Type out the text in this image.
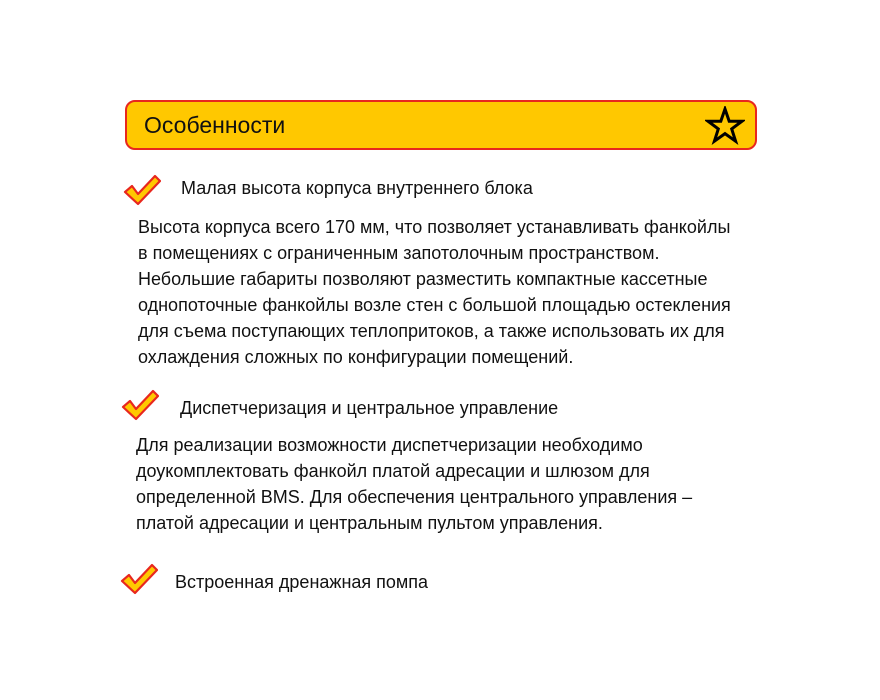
Особенности
Малая высота корпуса внутреннего блока
Высота корпуса всего 170 мм, что позволяет устанавливать фанкойлы
в помещениях с ограниченным запотолочным пространством.
Небольшие габариты позволяют разместить компактные кассетные
однопоточные фанкойлы возле стен с большой площадью остекления
для съема поступающих теплопритоков, а также использовать их для
охлаждения сложных по конфигурации помещений.
Диспетчеризация и центральное управление
Для реализации возможности диспетчеризации необходимо
доукомплектовать фанкойл платой адресации и шлюзом для
определенной BMS. Для обеспечения центрального управления –
платой адресации и центральным пультом управления.
Встроенная дренажная помпа
